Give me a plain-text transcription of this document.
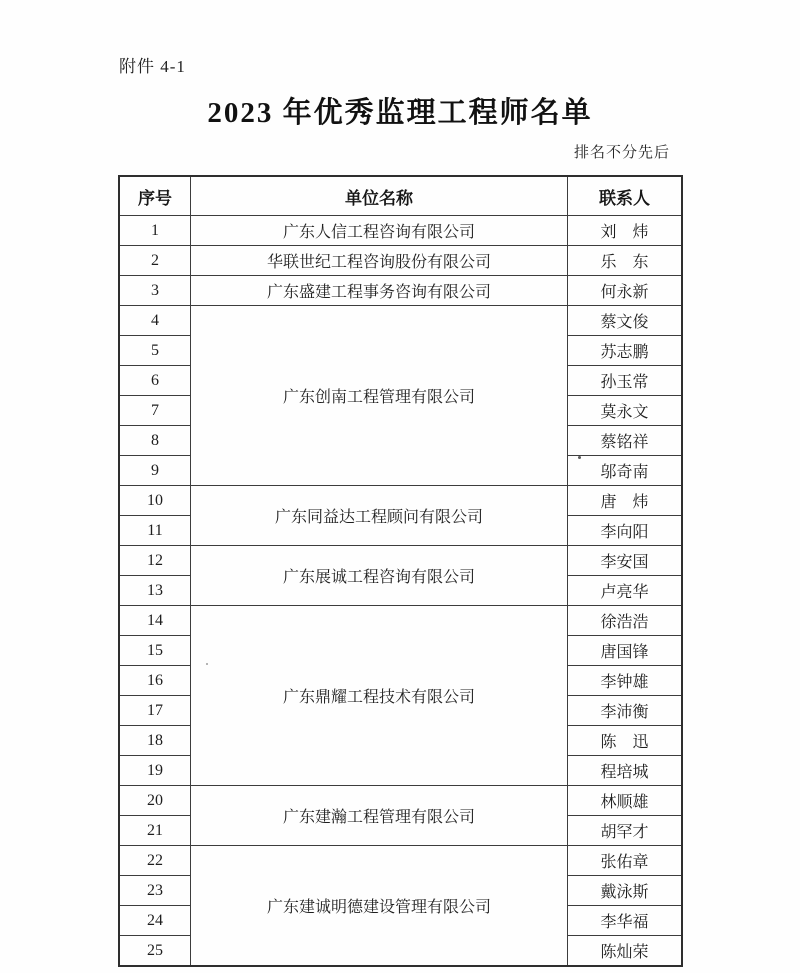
附件 4-1
2023 年优秀监理工程师名单
排名不分先后
序号	单位名称	联系人
1	广东人信工程咨询有限公司	刘　炜
2	华联世纪工程咨询股份有限公司	乐　东
3	广东盛建工程事务咨询有限公司	何永新
4	广东创南工程管理有限公司	蔡文俊
5		苏志鹏
6		孙玉常
7		莫永文
8		蔡铭祥
9		邬奇南
10	广东同益达工程顾问有限公司	唐　炜
11		李向阳
12	广东展诚工程咨询有限公司	李安国
13		卢亮华
14	广东鼎耀工程技术有限公司	徐浩浩
15		唐国锋
16		李钟雄
17		李沛衡
18		陈　迅
19		程培城
20	广东建瀚工程管理有限公司	林顺雄
21		胡罕才
22	广东建诚明德建设管理有限公司	张佑章
23		戴泳斯
24		李华福
25		陈灿荣
